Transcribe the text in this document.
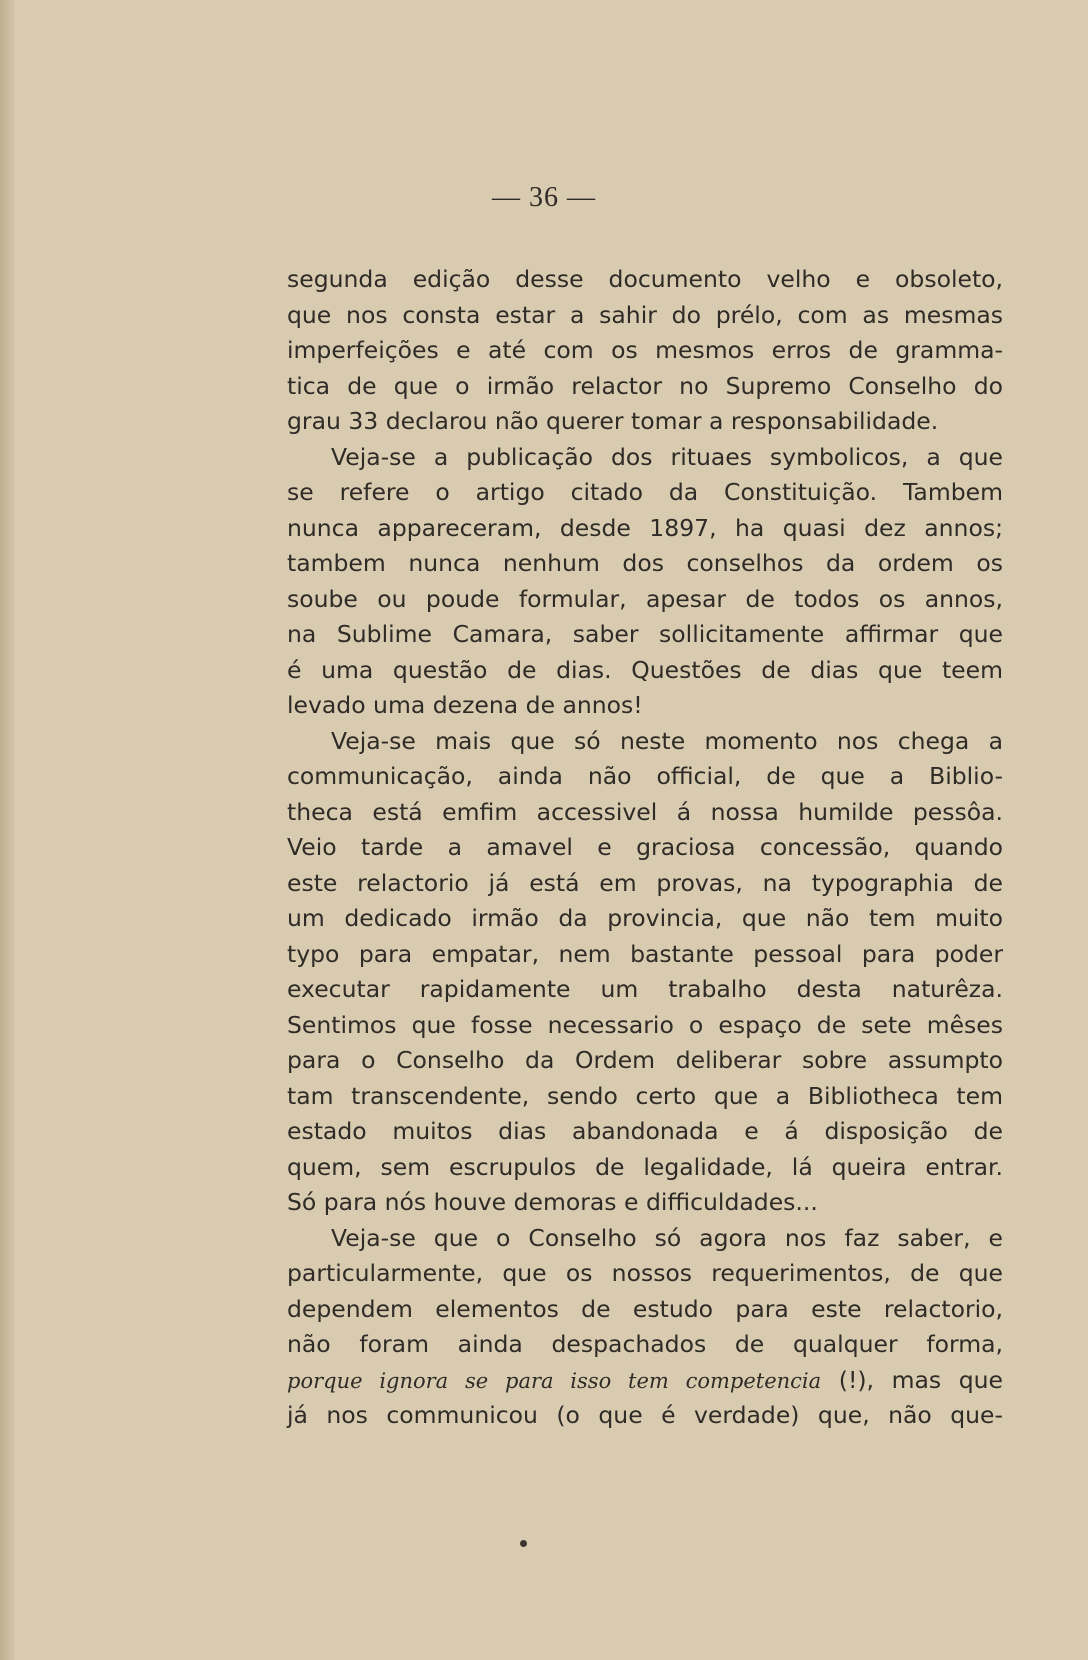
— 36 —
segunda edição desse documento velho e obsoleto,
que nos consta estar a sahir do prélo, com as mesmas
imperfeições e até com os mesmos erros de gramma-
tica de que o irmão relactor no Supremo Conselho do
grau 33 declarou não querer tomar a responsabilidade.
Veja-se a publicação dos rituaes symbolicos, a que
se refere o artigo citado da Constituição. Tambem
nunca appareceram, desde 1897, ha quasi dez annos;
tambem nunca nenhum dos conselhos da ordem os
soube ou poude formular, apesar de todos os annos,
na Sublime Camara, saber sollicitamente affirmar que
é uma questão de dias. Questões de dias que teem
levado uma dezena de annos!
Veja-se mais que só neste momento nos chega a
communicação, ainda não official, de que a Biblio-
theca está emfim accessivel á nossa humilde pessôa.
Veio tarde a amavel e graciosa concessão, quando
este relactorio já está em provas, na typographia de
um dedicado irmão da provincia, que não tem muito
typo para empatar, nem bastante pessoal para poder
executar rapidamente um trabalho desta naturêza.
Sentimos que fosse necessario o espaço de sete mêses
para o Conselho da Ordem deliberar sobre assumpto
tam transcendente, sendo certo que a Bibliotheca tem
estado muitos dias abandonada e á disposição de
quem, sem escrupulos de legalidade, lá queira entrar.
Só para nós houve demoras e difficuldades...
Veja-se que o Conselho só agora nos faz saber, e
particularmente, que os nossos requerimentos, de que
dependem elementos de estudo para este relactorio,
não foram ainda despachados de qualquer forma,
porque ignora se para isso tem competencia (!), mas que
já nos communicou (o que é verdade) que, não que-
